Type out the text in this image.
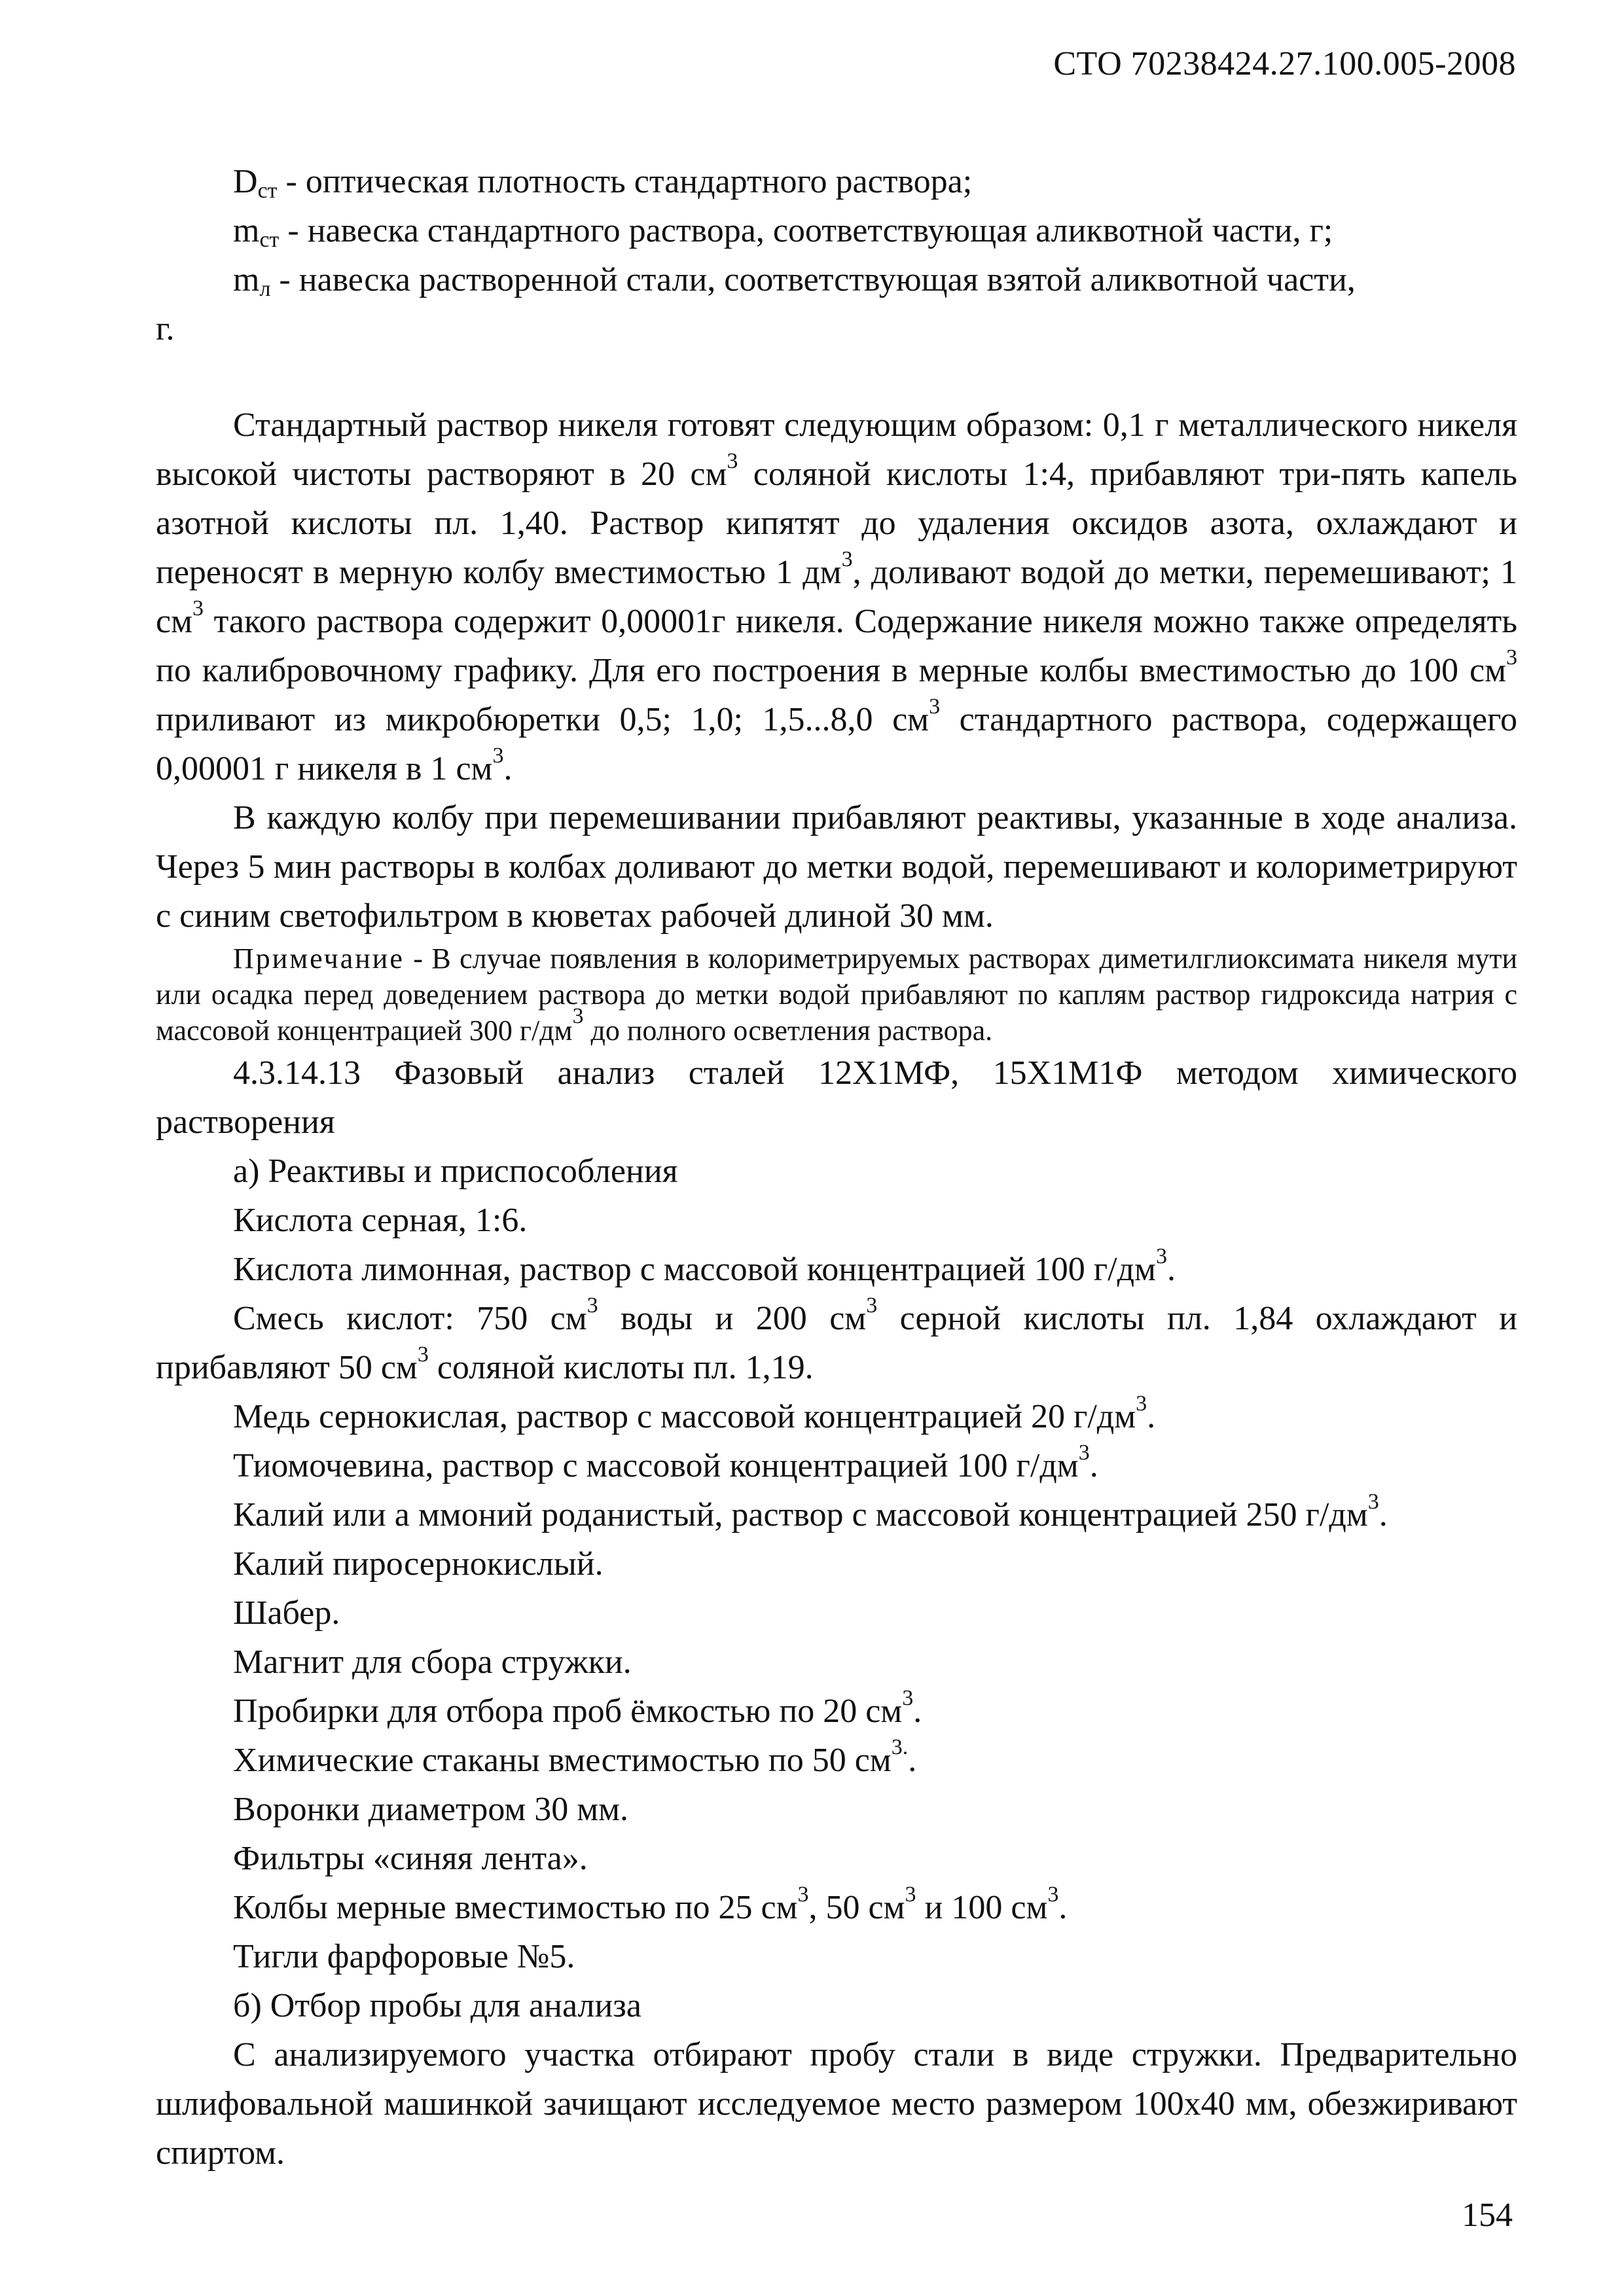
СТО 70238424.27.100.005-2008

$D_{ст}$ - оптическая плотность стандартного раствора;

$m_{ст}$ - навеска стандартного раствора, соответствующая аликвотной части, г;

$m_л$ - навеска растворенной стали, соответствующая взятой аликвотной части,

г.

Стандартный раствор никеля готовят следующим образом: 0,1 г металлического никеля высокой чистоты растворяют в 20 $см^3$ соляной кислоты 1:4, прибавляют три-пять капель азотной кислоты пл. 1,40. Раствор кипятят до удаления оксидов азота, охлаждают и переносят в мерную колбу вместимостью 1 $дм^3$, доливают водой до метки, перемешивают; 1 $см^3$ такого раствора содержит 0,00001г никеля. Содержание никеля можно также определять по калибровочному графику. Для его построения в мерные колбы вместимостью до 100 $см^3$ приливают из микробюретки 0,5; 1,0; 1,5...8,0 $см^3$ стандартного раствора, содержащего 0,00001 г никеля в 1 $см^3$.

В каждую колбу при перемешивании прибавляют реактивы, указанные в ходе анализа. Через 5 мин растворы в колбах доливают до метки водой, перемешивают и колориметрируют с синим светофильтром в кюветах рабочей длиной 30 мм.

Примечание - В случае появления в колориметрируемых растворах диметилглиоксимата никеля мути или осадка перед доведением раствора до метки водой прибавляют по каплям раствор гидроксида натрия с массовой концентрацией 300 $г/дм^3$ до полного осветления раствора.

4.3.14.13 Фазовый анализ сталей 12Х1МФ, 15Х1М1Ф методом химического растворения

а) Реактивы и приспособления

Кислота серная, 1:6.

Кислота лимонная, раствор с массовой концентрацией 100 $г/дм^3$.

Смесь кислот: 750 $см^3$ воды и 200 $см^3$ серной кислоты пл. 1,84 охлаждают и прибавляют 50 $см^3$ соляной кислоты пл. 1,19.

Медь сернокислая, раствор с массовой концентрацией 20 $г/дм^3$.

Тиомочевина, раствор с массовой концентрацией 100 $г/дм^3$.

Калий или а ммоний роданистый, раствор с массовой концентрацией 250 $г/дм^3$.

Калий пиросернокислый.

Шабер.

Магнит для сбора стружки.

Пробирки для отбора проб ёмкостью по 20 $см^3$.

Химические стаканы вместимостью по 50 $см^{3.}$.

Воронки диаметром 30 мм.

Фильтры «синяя лента».

Колбы мерные вместимостью по 25 $см^3$, 50 $см^3$ и 100 $см^3$.

Тигли фарфоровые №5.

б) Отбор пробы для анализа

С анализируемого участка отбирают пробу стали в виде стружки. Предварительно шлифовальной машинкой зачищают исследуемое место размером 100х40 мм, обезжиривают спиртом.

154
